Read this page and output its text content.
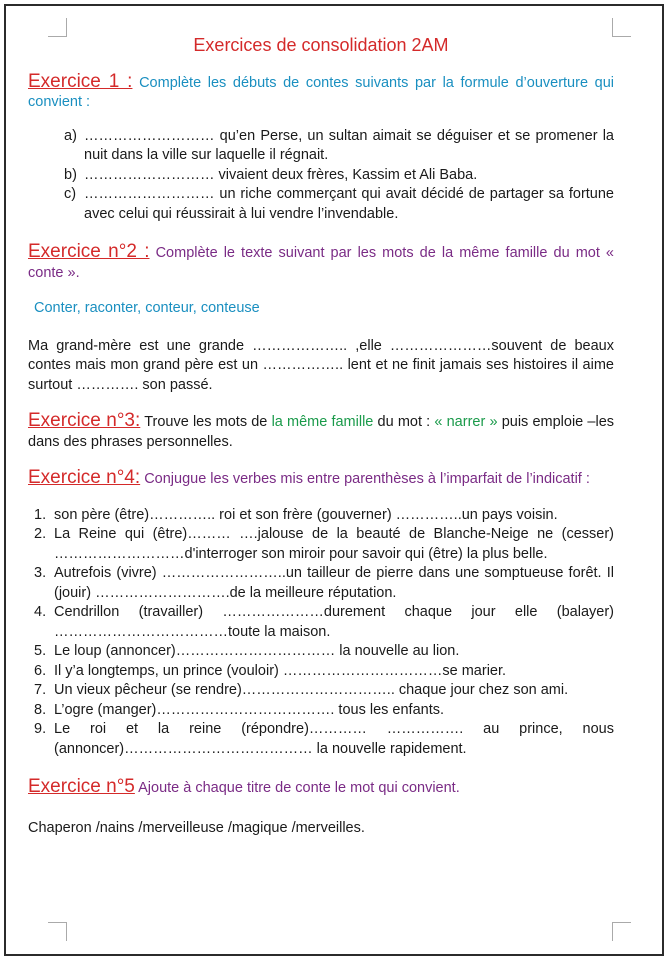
Exercices de consolidation 2AM

Exercice 1 : Complète les débuts de contes suivants par la formule d’ouverture qui convient :

a) ……………………… qu’en Perse, un sultan aimait se déguiser et se promener la nuit dans la ville sur laquelle il régnait.
b) ……………………… vivaient deux frères, Kassim et Ali Baba.
c) ……………………… un riche commerçant qui avait décidé de partager sa fortune avec celui qui réussirait à lui vendre l’invendable.

Exercice n°2 : Complète le texte suivant par les mots de la même famille du mot « conte ».

Conter, raconter, conteur, conteuse

Ma grand-mère est une grande ……………….. ,elle …………………souvent de beaux contes mais mon grand père est un …………….. lent et ne finit jamais ses histoires il aime surtout …………. son passé.

Exercice n°3: Trouve les mots de la même famille du mot : « narrer » puis emploie –les dans des phrases personnelles.

Exercice n°4: Conjugue les verbes mis entre parenthèses à l’imparfait de l’indicatif :

1. son père (être)………….. roi et son frère (gouverner) …………..un pays voisin.
2. La Reine qui (être)……… ….jalouse de la beauté de Blanche-Neige ne (cesser) ………………………d'interroger son miroir pour savoir qui (être) la plus belle.
3. Autrefois (vivre) ……………………..un tailleur de pierre dans une somptueuse forêt. Il (jouir) ……………………….de la meilleure réputation.
4. Cendrillon (travailler) …………………durement chaque jour elle (balayer) ………………………………toute la maison.
5. Le loup (annoncer)…………………………… la nouvelle au lion.
6. Il y’a longtemps, un prince (vouloir) ……………………………se marier.
7. Un vieux pêcheur (se rendre)………………………….. chaque jour chez son ami.
8. L’ogre (manger)………………………………. tous les enfants.
9. Le roi et la reine (répondre)………… ……………. au prince, nous (annoncer)………………………………… la nouvelle rapidement.

Exercice n°5 Ajoute à chaque titre de conte le mot qui convient.

Chaperon /nains /merveilleuse /magique /merveilles.
